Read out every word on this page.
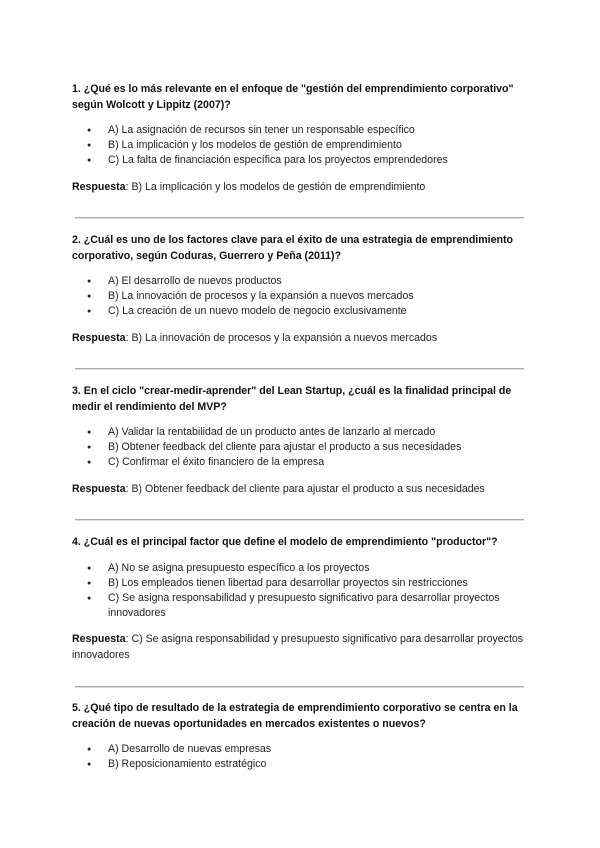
1. ¿Qué es lo más relevante en el enfoque de "gestión del emprendimiento corporativo" según Wolcott y Lippitz (2007)?
● A) La asignación de recursos sin tener un responsable específico
● B) La implicación y los modelos de gestión de emprendimiento
● C) La falta de financiación específica para los proyectos emprendedores
Respuesta: B) La implicación y los modelos de gestión de emprendimiento
2. ¿Cuál es uno de los factores clave para el éxito de una estrategia de emprendimiento corporativo, según Coduras, Guerrero y Peña (2011)?
● A) El desarrollo de nuevos productos
● B) La innovación de procesos y la expansión a nuevos mercados
● C) La creación de un nuevo modelo de negocio exclusivamente
Respuesta: B) La innovación de procesos y la expansión a nuevos mercados
3. En el ciclo "crear-medir-aprender" del Lean Startup, ¿cuál es la finalidad principal de medir el rendimiento del MVP?
● A) Validar la rentabilidad de un producto antes de lanzarlo al mercado
● B) Obtener feedback del cliente para ajustar el producto a sus necesidades
● C) Confirmar el éxito financiero de la empresa
Respuesta: B) Obtener feedback del cliente para ajustar el producto a sus necesidades
4. ¿Cuál es el principal factor que define el modelo de emprendimiento "productor"?
● A) No se asigna presupuesto específico a los proyectos
● B) Los empleados tienen libertad para desarrollar proyectos sin restricciones
● C) Se asigna responsabilidad y presupuesto significativo para desarrollar proyectos innovadores
Respuesta: C) Se asigna responsabilidad y presupuesto significativo para desarrollar proyectos innovadores
5. ¿Qué tipo de resultado de la estrategia de emprendimiento corporativo se centra en la creación de nuevas oportunidades en mercados existentes o nuevos?
● A) Desarrollo de nuevas empresas
● B) Reposicionamiento estratégico
